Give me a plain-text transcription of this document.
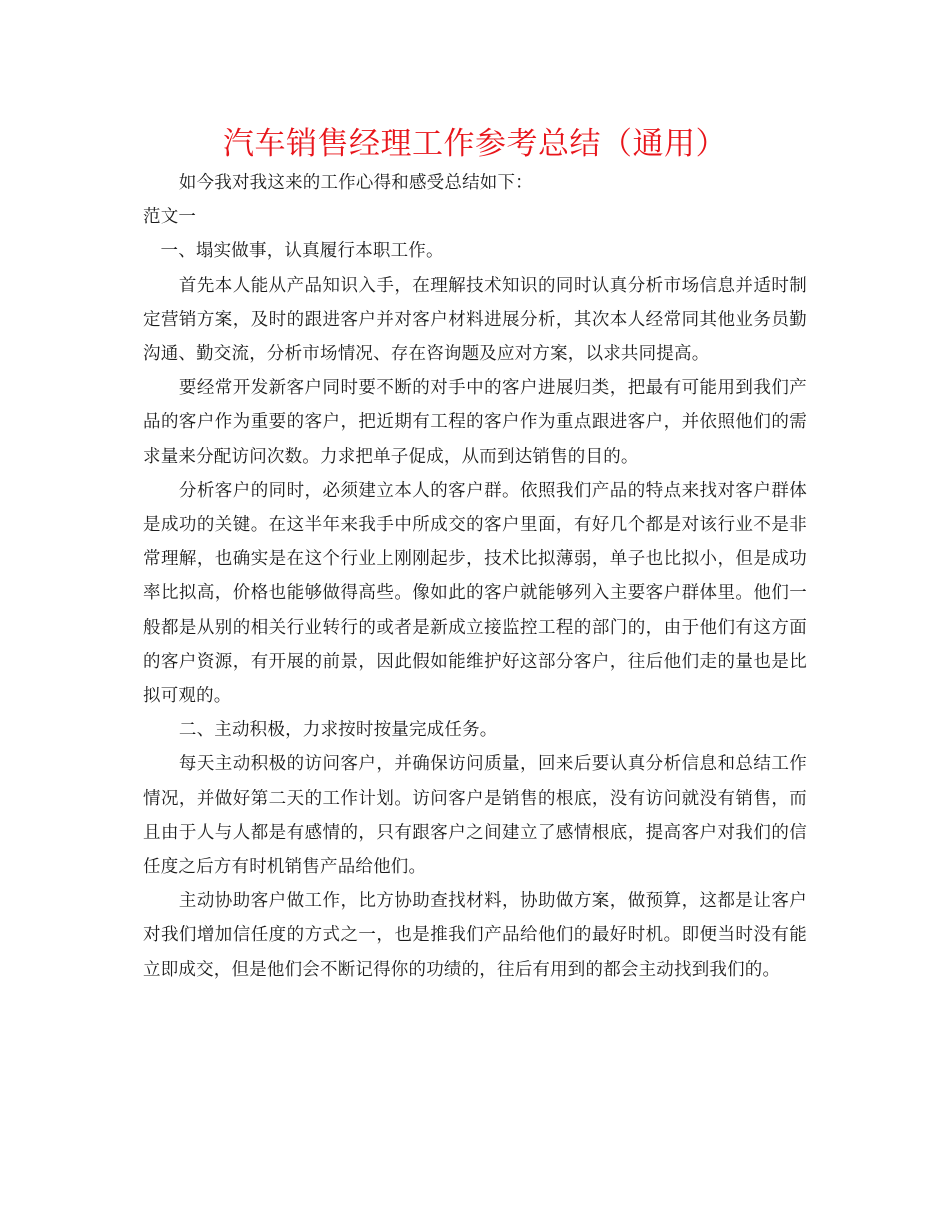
汽车销售经理工作参考总结（通用）

如今我对我这来的工作心得和感受总结如下：

范文一

一、塌实做事，认真履行本职工作。

首先本人能从产品知识入手，在理解技术知识的同时认真分析市场信息并适时制定营销方案，及时的跟进客户并对客户材料进展分析，其次本人经常同其他业务员勤沟通、勤交流，分析市场情况、存在咨询题及应对方案，以求共同提高。

要经常开发新客户同时要不断的对手中的客户进展归类，把最有可能用到我们产品的客户作为重要的客户，把近期有工程的客户作为重点跟进客户，并依照他们的需求量来分配访问次数。力求把单子促成，从而到达销售的目的。

分析客户的同时，必须建立本人的客户群。依照我们产品的特点来找对客户群体是成功的关键。在这半年来我手中所成交的客户里面，有好几个都是对该行业不是非常理解，也确实是在这个行业上刚刚起步，技术比拟薄弱，单子也比拟小，但是成功率比拟高，价格也能够做得高些。像如此的客户就能够列入主要客户群体里。他们一般都是从别的相关行业转行的或者是新成立接监控工程的部门的，由于他们有这方面的客户资源，有开展的前景，因此假如能维护好这部分客户，往后他们走的量也是比拟可观的。

二、主动积极，力求按时按量完成任务。

每天主动积极的访问客户，并确保访问质量，回来后要认真分析信息和总结工作情况，并做好第二天的工作计划。访问客户是销售的根底，没有访问就没有销售，而且由于人与人都是有感情的，只有跟客户之间建立了感情根底，提高客户对我们的信任度之后方有时机销售产品给他们。

主动协助客户做工作，比方协助查找材料，协助做方案，做预算，这都是让客户对我们增加信任度的方式之一，也是推我们产品给他们的最好时机。即便当时没有能立即成交，但是他们会不断记得你的功绩的，往后有用到的都会主动找到我们的。
